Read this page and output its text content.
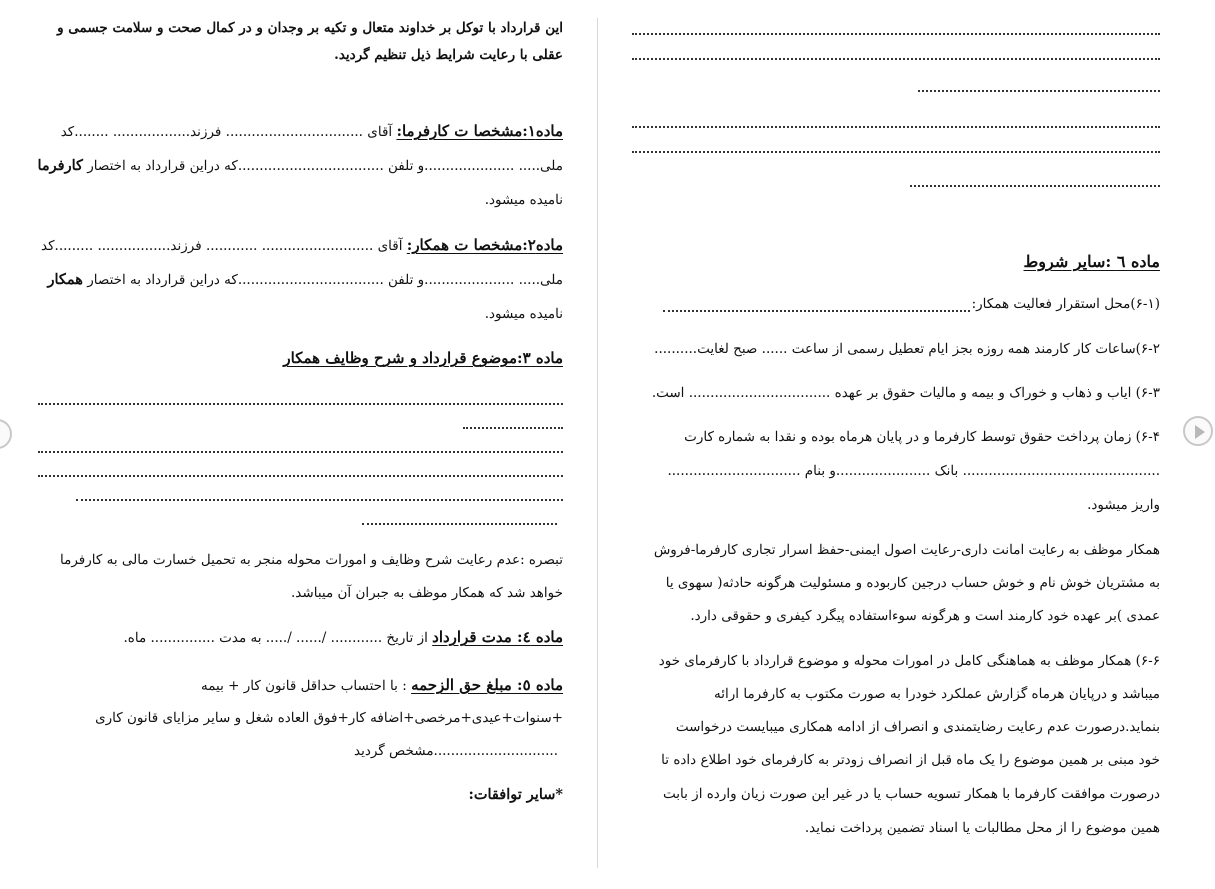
این قرارداد با توکل بر خداوند متعال و تکیه بر وجدان و در کمال صحت و سلامت جسمی و
عقلی با رعایت شرایط ذیل تنظیم گردید.
ماده۱:مشخصا ت کارفرما: آقای ................................ فرزند.................. ........کد
ملی..... .....................و تلفن ..................................که دراین قرارداد به اختصار کارفرما
نامیده میشود.
ماده۲:مشخصا ت همکار: آقای .......................... ............ فرزند................. .........کد
ملی..... .....................و تلفن ..................................که دراین قرارداد به اختصار همکار
نامیده میشود.
ماده ۳:موضوع قرارداد و شرح وظایف همکار
تبصره :عدم رعایت شرح وظایف و امورات محوله منجر به تحمیل خسارت مالی به کارفرما
خواهد شد که همکار موظف به جبران آن میباشد.
ماده ٤: مدت قرارداد از تاریخ ............ /...... /..... به مدت ............... ماه.
ماده ٥: مبلغ حق الزحمه : با احتساب حداقل قانون کار + بیمه
+سنوات+عیدی+مرخصی+اضافه کار+فوق العاده شغل و سایر مزایای قانون کاری
.............................مشخص گردید
*سایر توافقات:
ماده ٦ :سایر شروط
(۶-۱)محل استقرار فعالیت همکار:
۶-۲)ساعات کار کارمند همه روزه بجز ایام تعطیل رسمی از ساعت ...... صبح لغایت..........
۶-۳) ایاب و ذهاب و خوراک و بیمه و مالیات حقوق بر عهده ................................. است.
۶-۴) زمان پرداخت حقوق توسط کارفرما و در پایان هرماه بوده و نقدا به شماره کارت
.............................................. بانک ......................و بنام ...............................
واریز میشود.
همکار موظف به رعایت امانت داری-رعایت اصول ایمنی-حفظ اسرار تجاری کارفرما-فروش
به مشتریان خوش نام و خوش حساب درجین کاربوده و مسئولیت هرگونه حادثه( سهوی یا
عمدی )بر عهده خود کارمند است و هرگونه سوءاستفاده پیگرد کیفری و حقوقی دارد.
۶-۶) همکار موظف به هماهنگی کامل در امورات محوله و موضوع قرارداد با کارفرمای خود
میباشد و درپایان هرماه گزارش عملکرد خودرا به صورت مکتوب به کارفرما ارائه
بنماید.درصورت عدم رعایت رضایتمندی و انصراف از ادامه همکاری میبایست درخواست
خود مبنی بر همین موضوع را یک ماه قبل از انصراف زودتر به کارفرمای خود اطلاع داده تا
درصورت موافقت کارفرما با همکار تسویه حساب یا در غیر این صورت زیان وارده از بابت
همین موضوع را از محل مطالبات یا اسناد تضمین پرداخت نماید.
